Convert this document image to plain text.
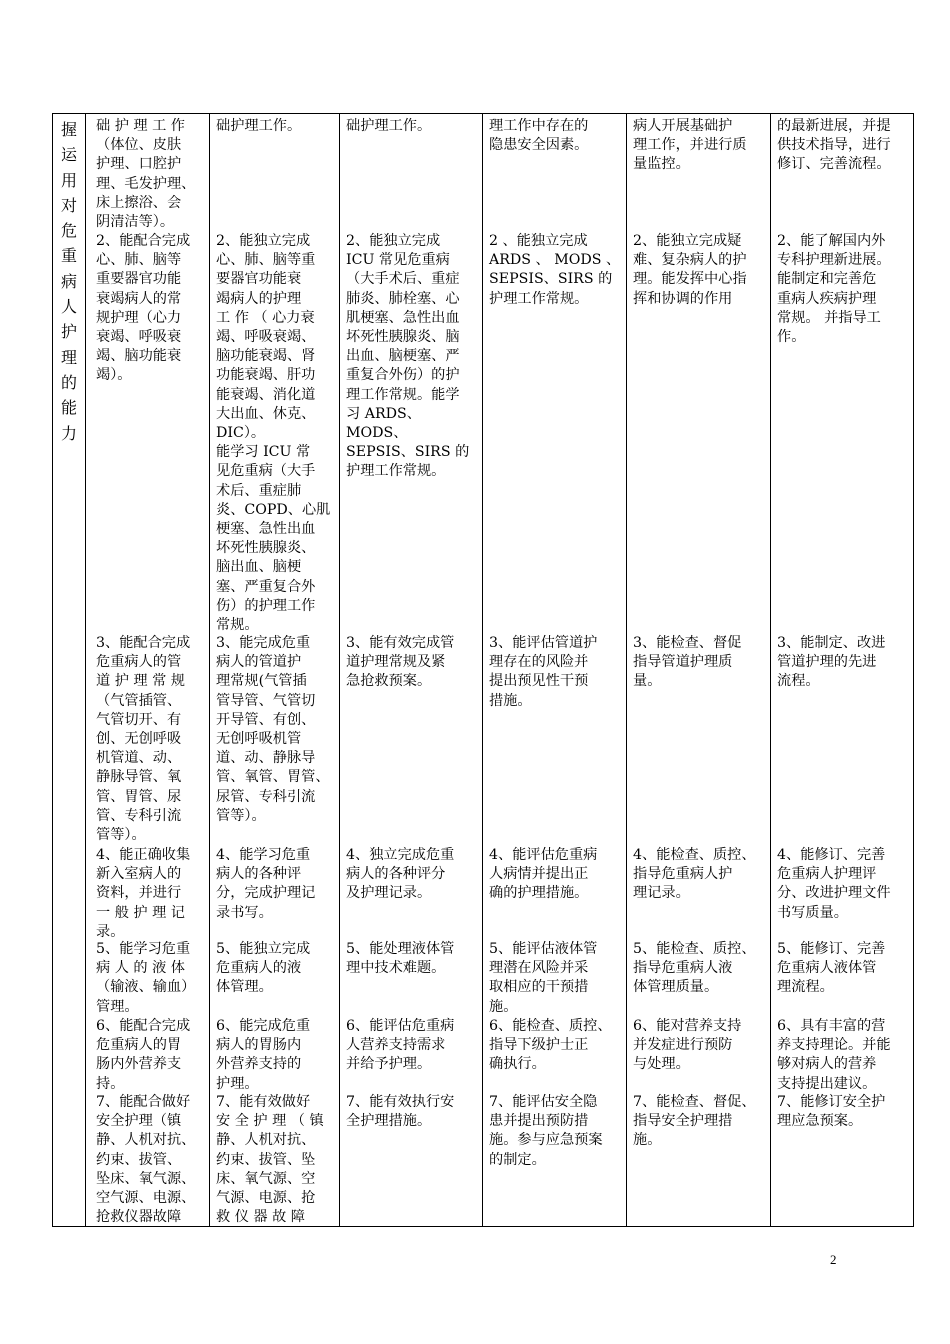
握
运
用
对
危
重
病
人
护
理
的
能
力
础 护 理 工 作
（体位、皮肤
护理、口腔护
理、毛发护理、
床上擦浴、会
阴清洁等）。
础护理工作。	础护理工作。	理工作中存在的
隐患安全因素。
病人开展基础护
理工作，并进行质
量监控。
的最新进展，并提
供技术指导，进行
修订、完善流程。
2、能配合完成
心、肺、脑等
重要器官功能
衰竭病人的常
规护理（心力
衰竭、呼吸衰
竭、脑功能衰
竭）。
2、能独立完成
心、肺、脑等重
要器官功能衰
竭病人的护理
工 作 （ 心力衰
竭、呼吸衰竭、
脑功能衰竭、肾
功能衰竭、肝功
能衰竭、消化道
大出血、休克、
DIC）。
能学习 ICU 常
见危重病（大手
术后、重症肺
炎、COPD、心肌
梗塞、急性出血
坏死性胰腺炎、
脑出血、脑梗
塞、严重复合外
伤）的护理工作
常规。
2、能独立完成
ICU 常见危重病
（大手术后、重症
肺炎、肺栓塞、心
肌梗塞、急性出血
坏死性胰腺炎、脑
出血、脑梗塞、严
重复合外伤）的护
理工作常规。能学
习 ARDS、MODS、
SEPSIS、SIRS 的
护理工作常规。
2 、能独立完成
ARDS 、 MODS 、
SEPSIS、SIRS 的
护理工作常规。
2、能独立完成疑
难、复杂病人的护
理。能发挥中心指
挥和协调的作用
2、能了解国内外
专科护理新进展。
能制定和完善危
重病人疾病护理
常规。 并指导工
作。
3、能配合完成
危重病人的管
道 护 理 常 规
（气管插管、
气管切开、有
创、无创呼吸
机管道、动、
静脉导管、氧
管、胃管、尿
管、专科引流
管等）。
3、能完成危重
病人的管道护
理常规(气管插
管导管、气管切
开导管、有创、
无创呼吸机管
道、动、静脉导
管、氧管、胃管、
尿管、专科引流
管等）。
3、能有效完成管
道护理常规及紧
急抢救预案。
3、能评估管道护
理存在的风险并
提出预见性干预
措施。
3、能检查、督促
指导管道护理质
量。
3、能制定、改进
管道护理的先进
流程。
4、能正确收集
新入室病人的
资料，并进行
一 般 护 理 记
录。
4、能学习危重
病人的各种评
分，完成护理记
录书写。
4、独立完成危重
病人的各种评分
及护理记录。
4、能评估危重病
人病情并提出正
确的护理措施。
4、能检查、质控、
指导危重病人护
理记录。
4、能修订、完善
危重病人护理评
分、改进护理文件
书写质量。
5、能学习危重
病 人 的 液 体
（输液、输血）
管理。
5、能独立完成
危重病人的液
体管理。
5、能处理液体管
理中技术难题。
5、能评估液体管
理潜在风险并采
取相应的干预措
施。
5、能检查、质控、
指导危重病人液
体管理质量。
5、能修订、完善
危重病人液体管
理流程。
6、能配合完成
危重病人的胃
肠内外营养支
持。
6、能完成危重
病人的胃肠内
外营养支持的
护理。
6、能评估危重病
人营养支持需求
并给予护理。
6、能检查、质控、
指导下级护士正
确执行。
6、能对营养支持
并发症进行预防
与处理。
6、具有丰富的营
养支持理论。并能
够对病人的营养
支持提出建议。
7、能配合做好
安全护理（镇
静、人机对抗、
约束、拔管、
坠床、氧气源、
空气源、电源、
抢救仪器故障
7、能有效做好
安 全 护 理 （ 镇
静、人机对抗、
约束、拔管、坠
床、氧气源、空
气源、电源、抢
救 仪 器 故 障
7、能有效执行安
全护理措施。
7、能评估安全隐
患并提出预防措
施。参与应急预案
的制定。
7、能检查、督促、
指导安全护理措
施。
7、能修订安全护
理应急预案。
2
